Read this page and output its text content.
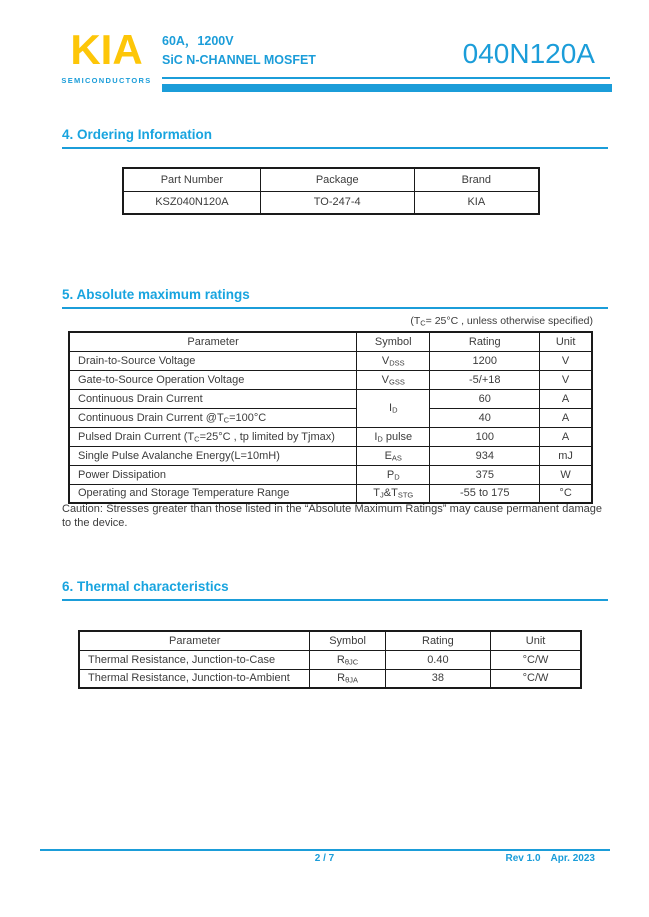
KIA
SEMICONDUCTORS
60A，1200V
SiC N-CHANNEL MOSFET	040N120A
4. Ordering Information
Part Number	Package	Brand
KSZ040N120A	TO-247-4	KIA
5. Absolute maximum ratings
($T_C= 25^\circ C$ , unless otherwise specified)
Parameter	Symbol	Rating	Unit
Drain-to-Source Voltage	$V_{DSS}$	1200	V
Gate-to-Source Operation Voltage	$V_{GSS}$	-5/+18	V
Continuous Drain Current	$I_D$	60	A
Continuous Drain Current $@T_C=100^\circ C$		40	A
Pulsed Drain Current ($T_C=25^\circ C$ , tp limited by Tjmax)	$I_D$ pulse	100	A
Single Pulse Avalanche Energy(L=10mH)	$E_{AS}$	934	mJ
Power Dissipation	$P_D$	375	W
Operating and Storage Temperature Range	$T_J\&T_{STG}$	-55 to 175	°C
Caution: Stresses greater than those listed in the “Absolute Maximum Ratings” may cause permanent damage to the device.
6. Thermal characteristics
Parameter	Symbol	Rating	Unit
Thermal Resistance, Junction-to-Case	$R_{\theta JC}$	0.40	°C/W
Thermal Resistance, Junction-to-Ambient	$R_{\theta JA}$	38	°C/W
2 / 7	Rev 1.0 Apr. 2023
